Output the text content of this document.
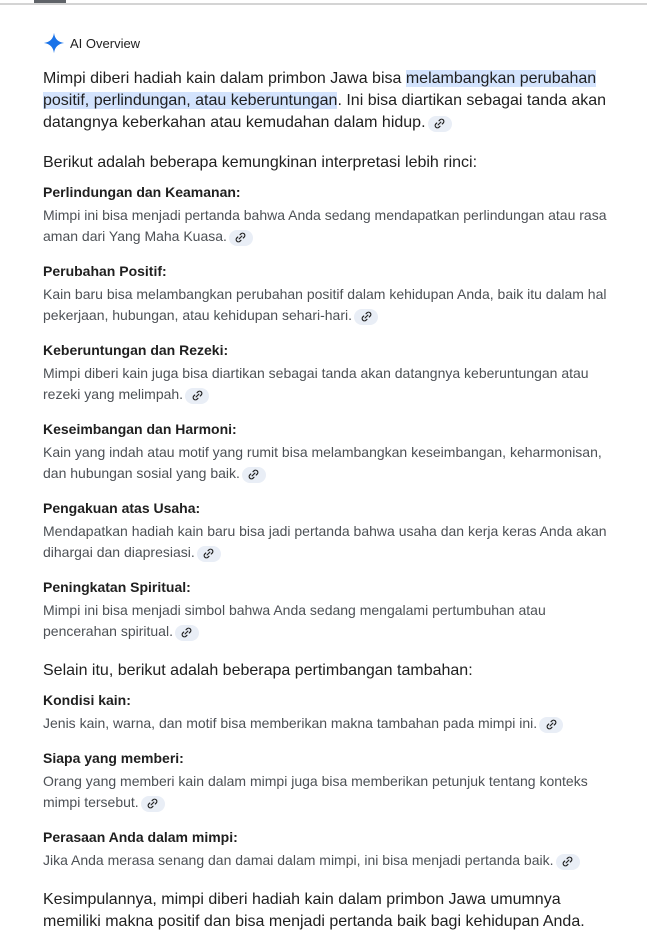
AI Overview

Mimpi diberi hadiah kain dalam primbon Jawa bisa melambangkan perubahan positif, perlindungan, atau keberuntungan. Ini bisa diartikan sebagai tanda akan datangnya keberkahan atau kemudahan dalam hidup.

Berikut adalah beberapa kemungkinan interpretasi lebih rinci:

Perlindungan dan Keamanan:

Mimpi ini bisa menjadi pertanda bahwa Anda sedang mendapatkan perlindungan atau rasa aman dari Yang Maha Kuasa.

Perubahan Positif:

Kain baru bisa melambangkan perubahan positif dalam kehidupan Anda, baik itu dalam hal pekerjaan, hubungan, atau kehidupan sehari-hari.

Keberuntungan dan Rezeki:

Mimpi diberi kain juga bisa diartikan sebagai tanda akan datangnya keberuntungan atau rezeki yang melimpah.

Keseimbangan dan Harmoni:

Kain yang indah atau motif yang rumit bisa melambangkan keseimbangan, keharmonisan, dan hubungan sosial yang baik.

Pengakuan atas Usaha:

Mendapatkan hadiah kain baru bisa jadi pertanda bahwa usaha dan kerja keras Anda akan dihargai dan diapresiasi.

Peningkatan Spiritual:

Mimpi ini bisa menjadi simbol bahwa Anda sedang mengalami pertumbuhan atau pencerahan spiritual.

Selain itu, berikut adalah beberapa pertimbangan tambahan:

Kondisi kain:

Jenis kain, warna, dan motif bisa memberikan makna tambahan pada mimpi ini.

Siapa yang memberi:

Orang yang memberi kain dalam mimpi juga bisa memberikan petunjuk tentang konteks mimpi tersebut.

Perasaan Anda dalam mimpi:

Jika Anda merasa senang dan damai dalam mimpi, ini bisa menjadi pertanda baik.

Kesimpulannya, mimpi diberi hadiah kain dalam primbon Jawa umumnya memiliki makna positif dan bisa menjadi pertanda baik bagi kehidupan Anda.
